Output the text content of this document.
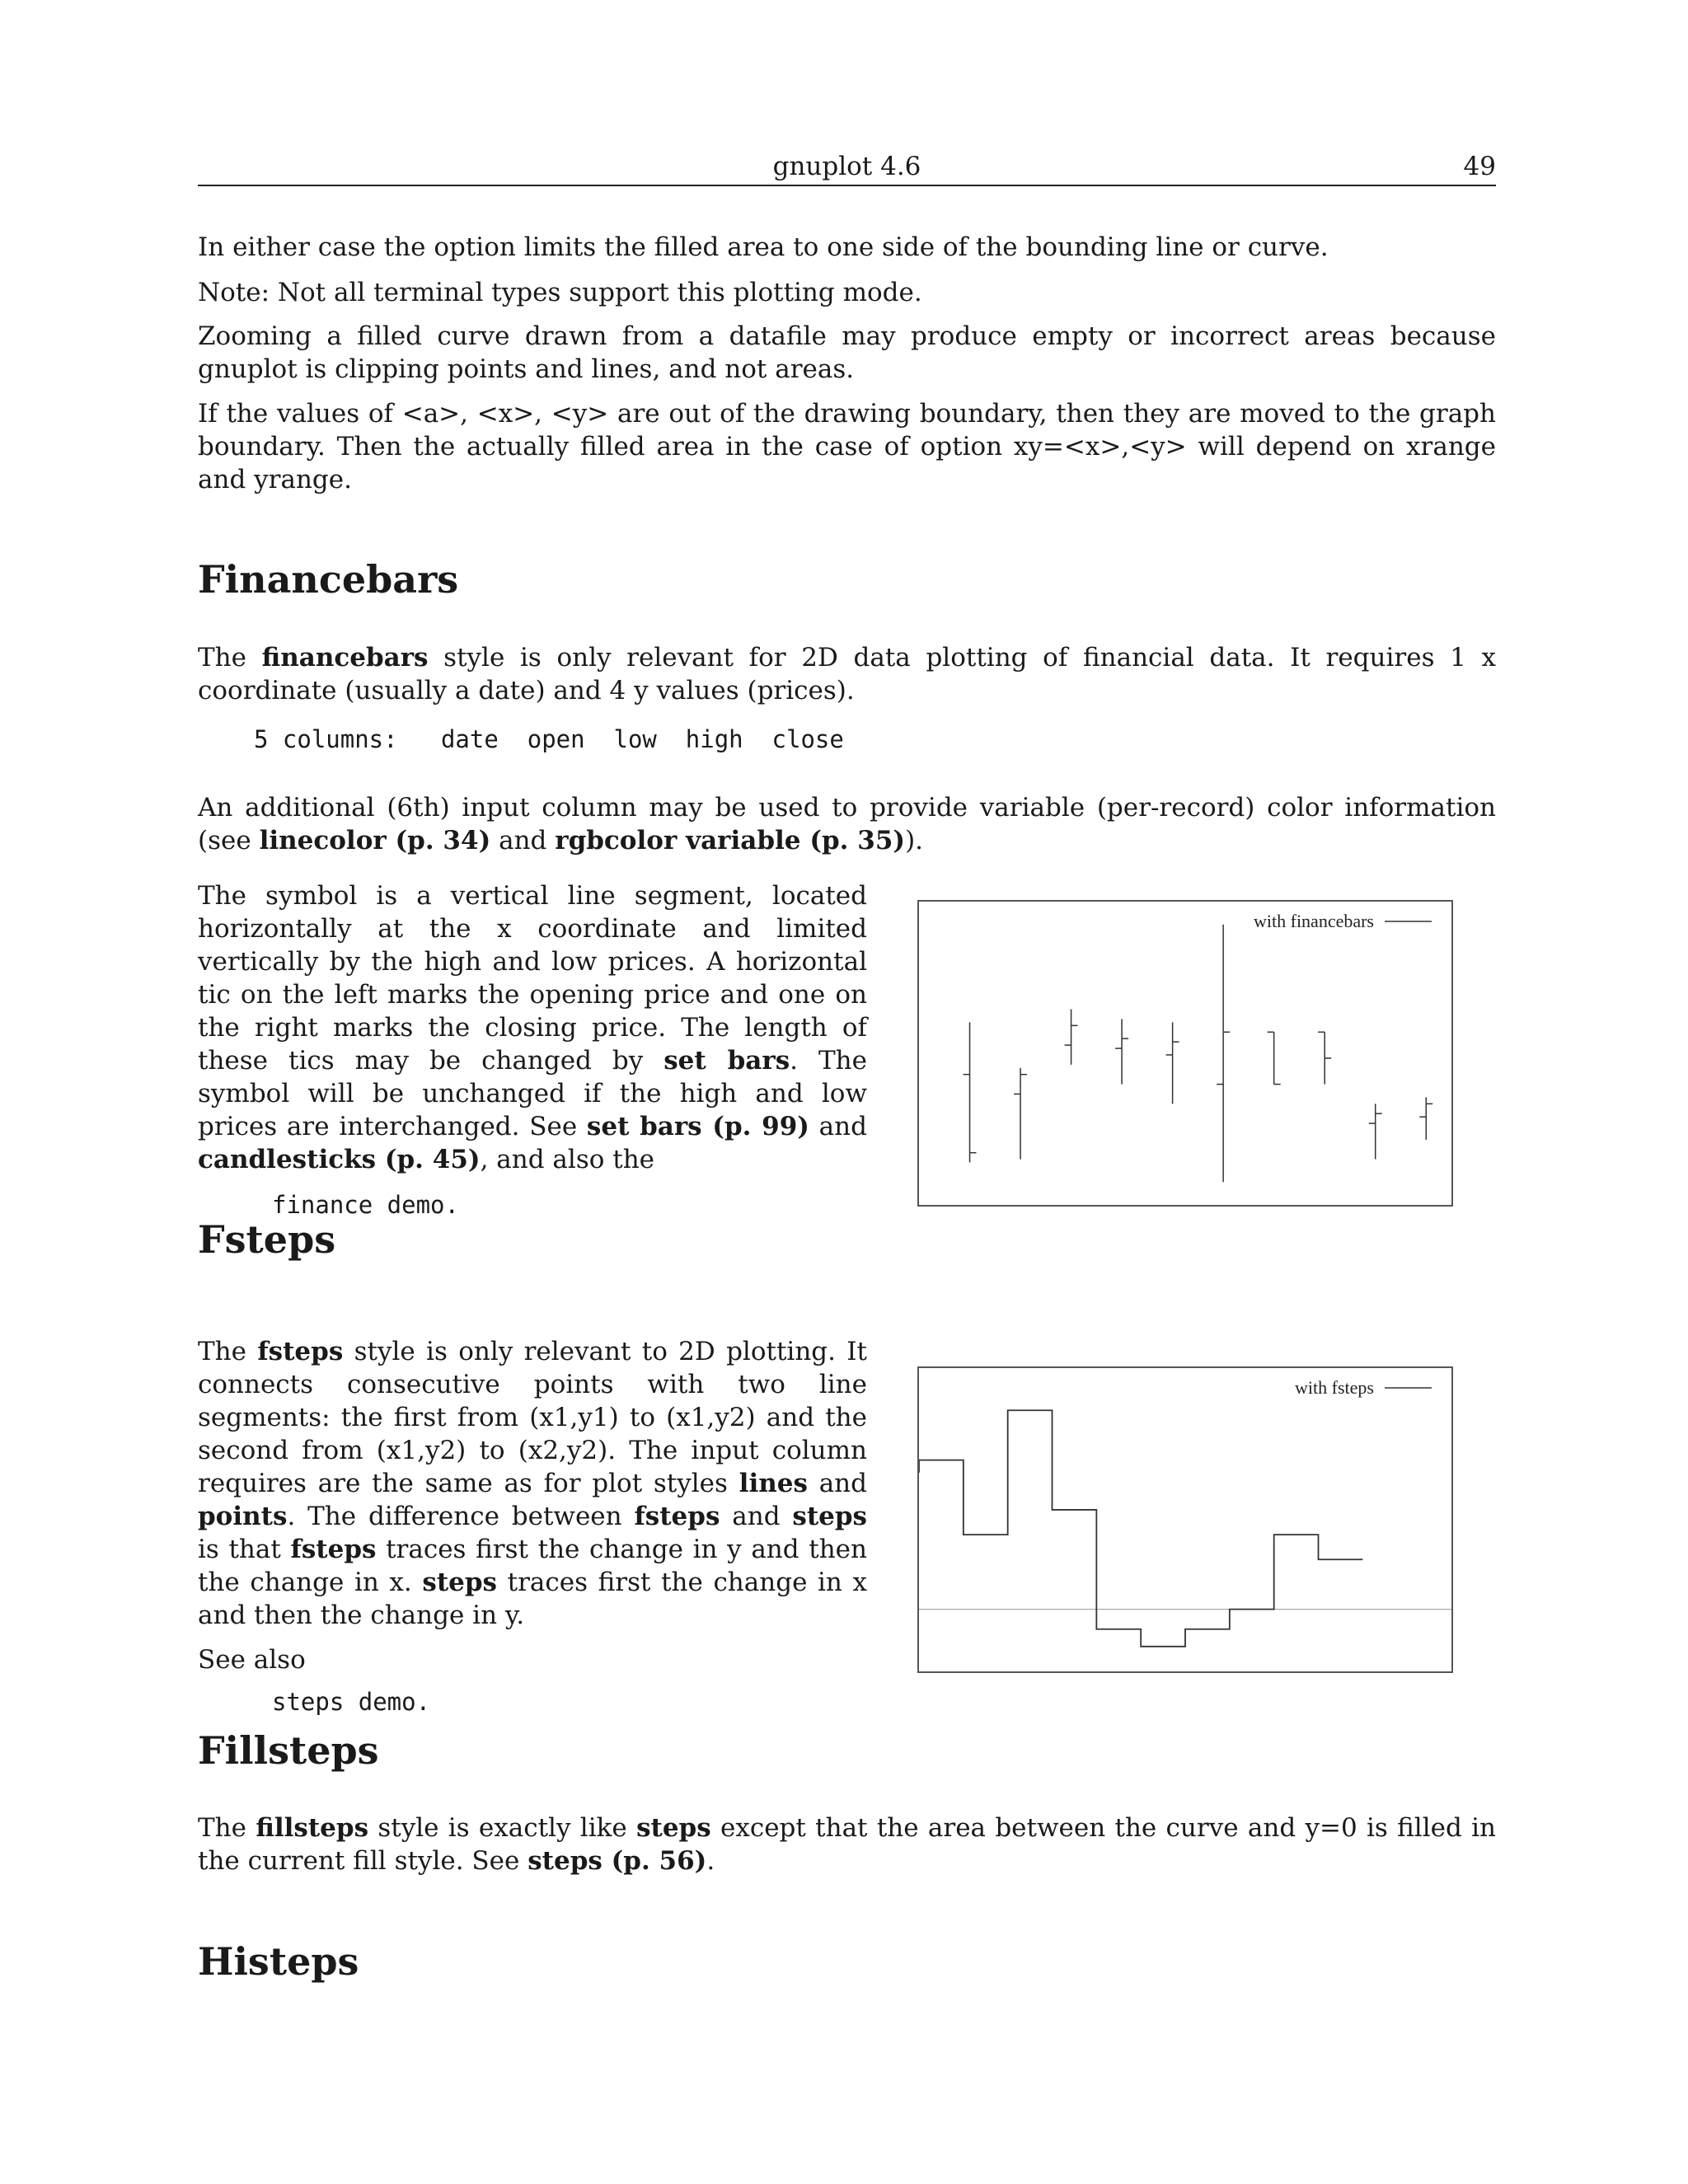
gnuplot 4.6	49

In either case the option limits the filled area to one side of the bounding line or curve.

Note: Not all terminal types support this plotting mode.

Zooming a filled curve drawn from a datafile may produce empty or incorrect areas because gnuplot is clipping points and lines, and not areas.

If the values of <a>, <x>, <y> are out of the drawing boundary, then they are moved to the graph boundary. Then the actually filled area in the case of option xy=<x>,<y> will depend on xrange and yrange.

Financebars

The financebars style is only relevant for 2D data plotting of financial data. It requires 1 x coordinate (usually a date) and 4 y values (prices).

5 columns:   date  open  low  high  close

An additional (6th) input column may be used to provide variable (per-record) color information (see linecolor (p. 34) and rgbcolor variable (p. 35)).

The symbol is a vertical line segment, located horizontally at the x coordinate and limited vertically by the high and low prices. A horizontal tic on the left marks the opening price and one on the right marks the closing price. The length of these tics may be changed by set bars. The symbol will be unchanged if the high and low prices are interchanged. See set bars (p. 99) and candlesticks (p. 45), and also the

finance demo.
with financebars
Fsteps

The fsteps style is only relevant to 2D plotting. It connects consecutive points with two line segments: the first from (x1,y1) to (x1,y2) and the second from (x1,y2) to (x2,y2). The input column requires are the same as for plot styles lines and points. The difference between fsteps and steps is that fsteps traces first the change in y and then the change in x. steps traces first the change in x and then the change in y.

See also

steps demo.
with fsteps
Fillsteps

The fillsteps style is exactly like steps except that the area between the curve and y=0 is filled in the current fill style. See steps (p. 56).

Histeps
